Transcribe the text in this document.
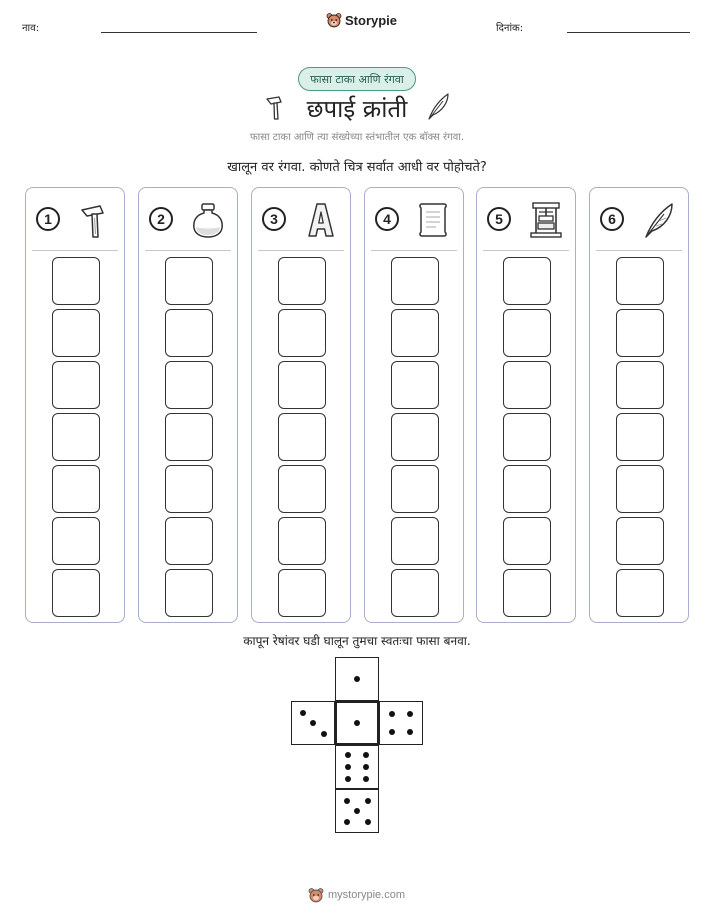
नाव:
Storypie
दिनांक:
फासा टाका आणि रंगवा
छपाई क्रांती
फासा टाका आणि त्या संख्येच्या स्तंभातील एक बॉक्स रंगवा.
खालून वर रंगवा. कोणते चित्र सर्वात आधी वर पोहोचते?
1	2	3	4	5	6
कापून रेषांवर घडी घालून तुमचा स्वतःचा फासा बनवा.
mystorypie.com
